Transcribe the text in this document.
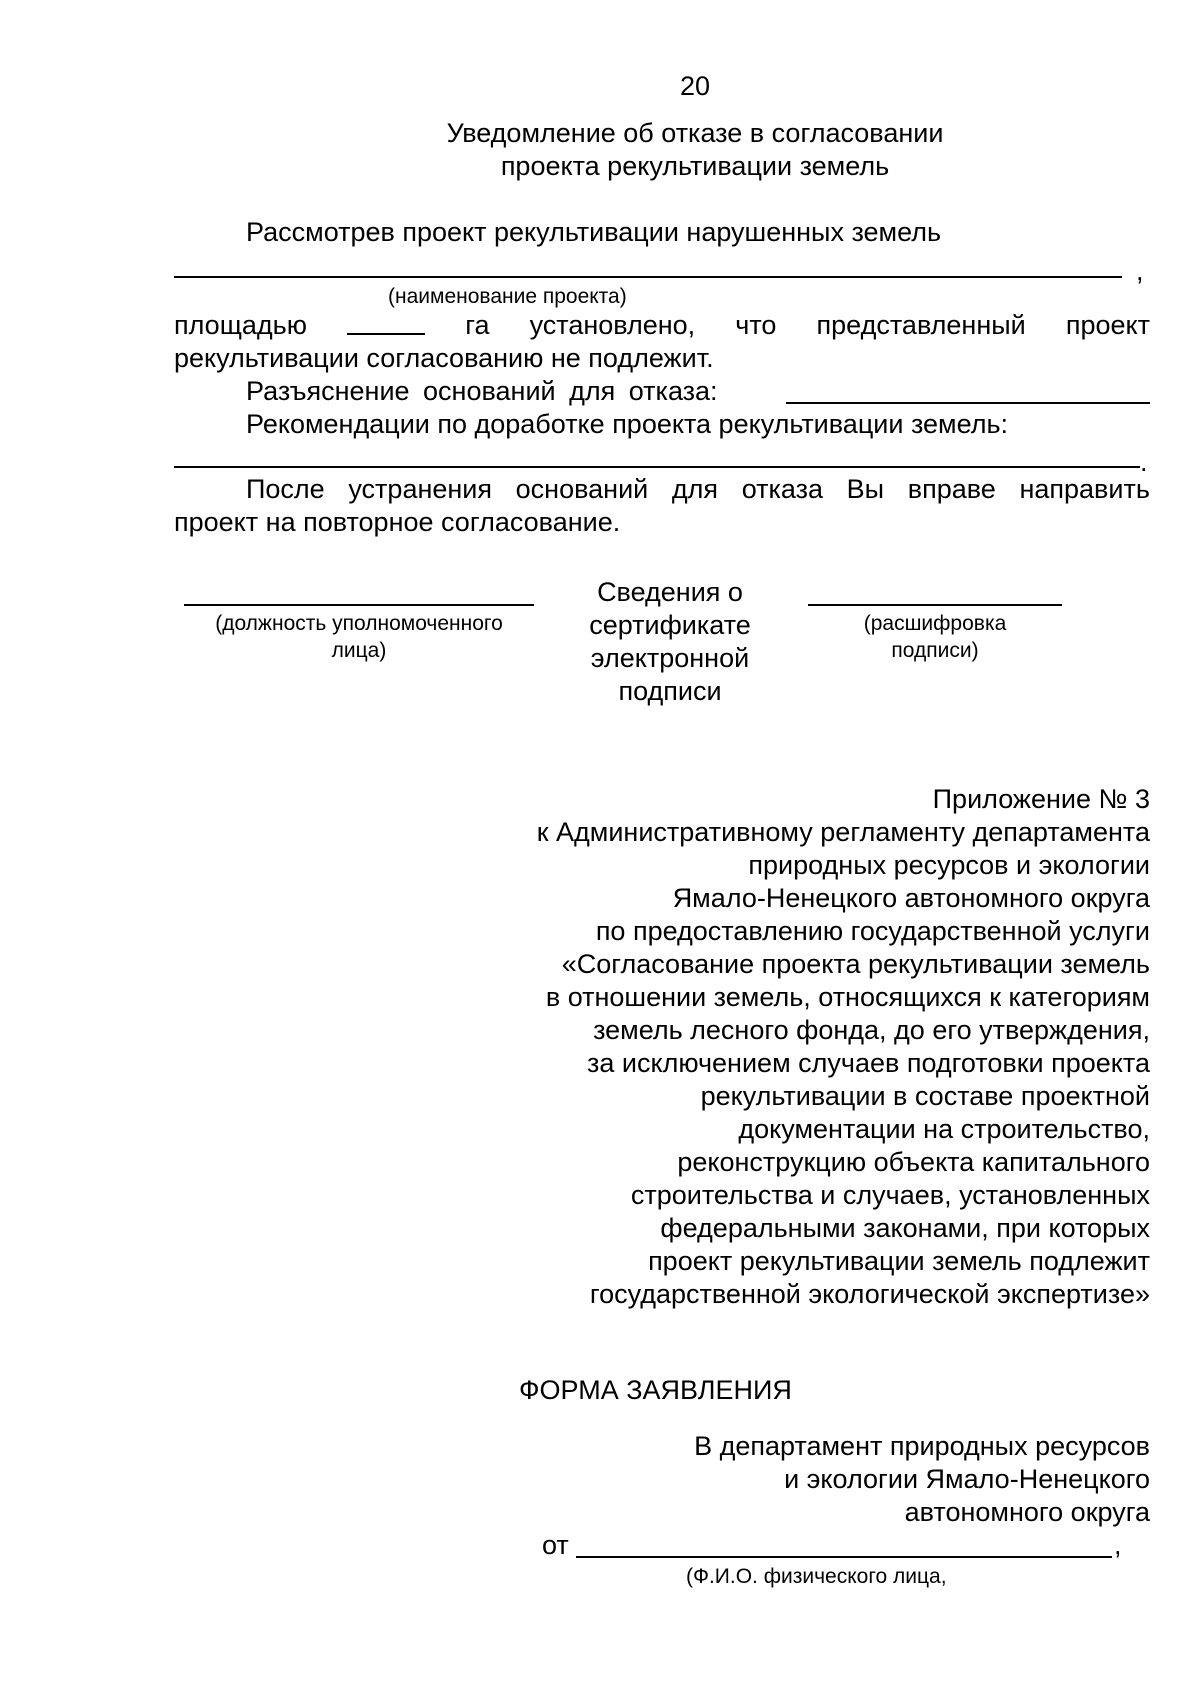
20
Уведомление об отказе в согласовании
проекта рекультивации земель
Рассмотрев проект рекультивации нарушенных земель
,
(наименование проекта)
площадью	га установлено, что представленный проект
рекультивации согласованию не подлежит.
Разъяснение оснований для отказа:
Рекомендации по доработке проекта рекультивации земель:
.
После устранения оснований для отказа Вы вправе направить
проект на повторное согласование.
(должность уполномоченного
лица)
Сведения о
сертификате
электронной
подписи
(расшифровка
подписи)
Приложение № 3
к Административному регламенту департамента
природных ресурсов и экологии
Ямало-Ненецкого автономного округа
по предоставлению государственной услуги
«Согласование проекта рекультивации земель
в отношении земель, относящихся к категориям
земель лесного фонда, до его утверждения,
за исключением случаев подготовки проекта
рекультивации в составе проектной
документации на строительство,
реконструкцию объекта капитального
строительства и случаев, установленных
федеральными законами, при которых
проект рекультивации земель подлежит
государственной экологической экспертизе»
ФОРМА ЗАЯВЛЕНИЯ
В департамент природных ресурсов
и экологии Ямало-Ненецкого
автономного округа
от	,
(Ф.И.О. физического лица,
